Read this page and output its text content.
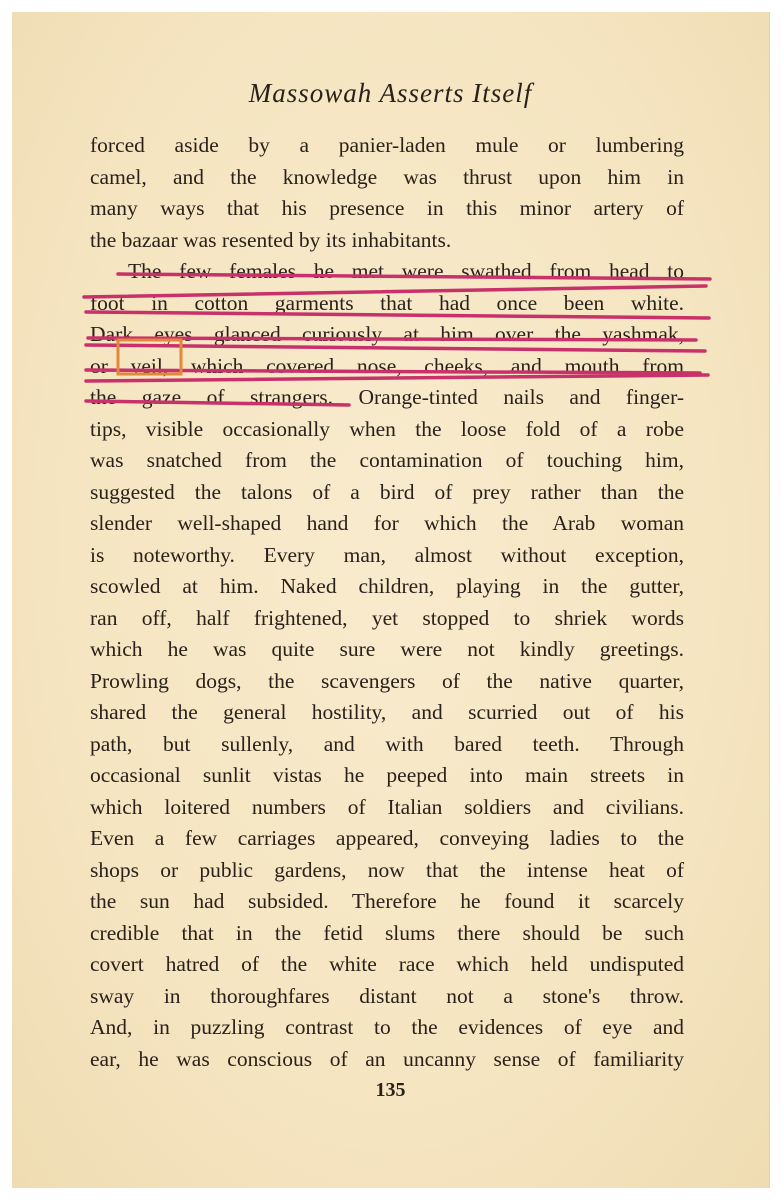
Massowah Asserts Itself
forced aside by a panier-laden mule or lumbering
camel, and the knowledge was thrust upon him in
many ways that his presence in this minor artery of
the bazaar was resented by its inhabitants.
The few females he met were swathed from head to
foot in cotton garments that had once been white.
Dark eyes glanced curiously at him over the yashmak,
or veil, which covered nose, cheeks, and mouth from
the gaze of strangers. Orange-tinted nails and finger-
tips, visible occasionally when the loose fold of a robe
was snatched from the contamination of touching him,
suggested the talons of a bird of prey rather than the
slender well-shaped hand for which the Arab woman
is noteworthy. Every man, almost without exception,
scowled at him. Naked children, playing in the gutter,
ran off, half frightened, yet stopped to shriek words
which he was quite sure were not kindly greetings.
Prowling dogs, the scavengers of the native quarter,
shared the general hostility, and scurried out of his
path, but sullenly, and with bared teeth. Through
occasional sunlit vistas he peeped into main streets in
which loitered numbers of Italian soldiers and civilians.
Even a few carriages appeared, conveying ladies to the
shops or public gardens, now that the intense heat of
the sun had subsided. Therefore he found it scarcely
credible that in the fetid slums there should be such
covert hatred of the white race which held undisputed
sway in thoroughfares distant not a stone's throw.
And, in puzzling contrast to the evidences of eye and
ear, he was conscious of an uncanny sense of familiarity
135
